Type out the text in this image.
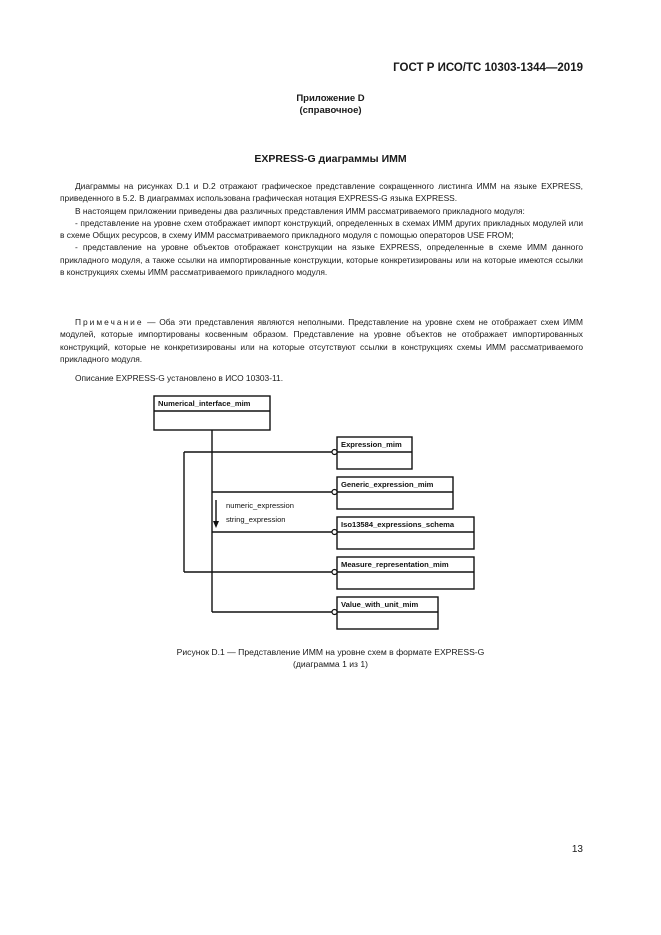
ГОСТ Р ИСО/ТС 10303-1344—2019
Приложение D
(справочное)
EXPRESS-G диаграммы ИММ

Диаграммы на рисунках D.1 и D.2 отражают графическое представление сокращенного листинга ИММ на языке EXPRESS, приведенного в 5.2. В диаграммах использована графическая нотация EXPRESS-G языка EXPRESS.

В настоящем приложении приведены два различных представления ИММ рассматриваемого прикладного модуля:

- представление на уровне схем отображает импорт конструкций, определенных в схемах ИММ других прикладных модулей или в схеме Общих ресурсов, в схему ИММ рассматриваемого прикладного модуля с помощью операторов USE FROM;

- представление на уровне объектов отображает конструкции на языке EXPRESS, определенные в схеме ИММ данного прикладного модуля, а также ссылки на импортированные конструкции, которые конкретизированы или на которые имеются ссылки в конструкциях схемы ИММ рассматриваемого прикладного модуля.

Примечание — Оба эти представления являются неполными. Представление на уровне схем не отображает схем ИММ модулей, которые импортированы косвенным образом. Представление на уровне объектов не отображает импортированных конструкций, которые не конкретизированы или на которые отсутствуют ссылки в конструкциях схемы ИММ рассматриваемого прикладного модуля.

Описание EXPRESS-G установлено в ИСО 10303-11.

Numerical_interface_mim
Expression_mim
Generic_expression_mim
Iso13584_expressions_schema
Measure_representation_mim
Value_with_unit_mim
numeric_expression
string_expression
Рисунок D.1 — Представление ИММ на уровне схем в формате EXPRESS-G
(диаграмма 1 из 1)
13
